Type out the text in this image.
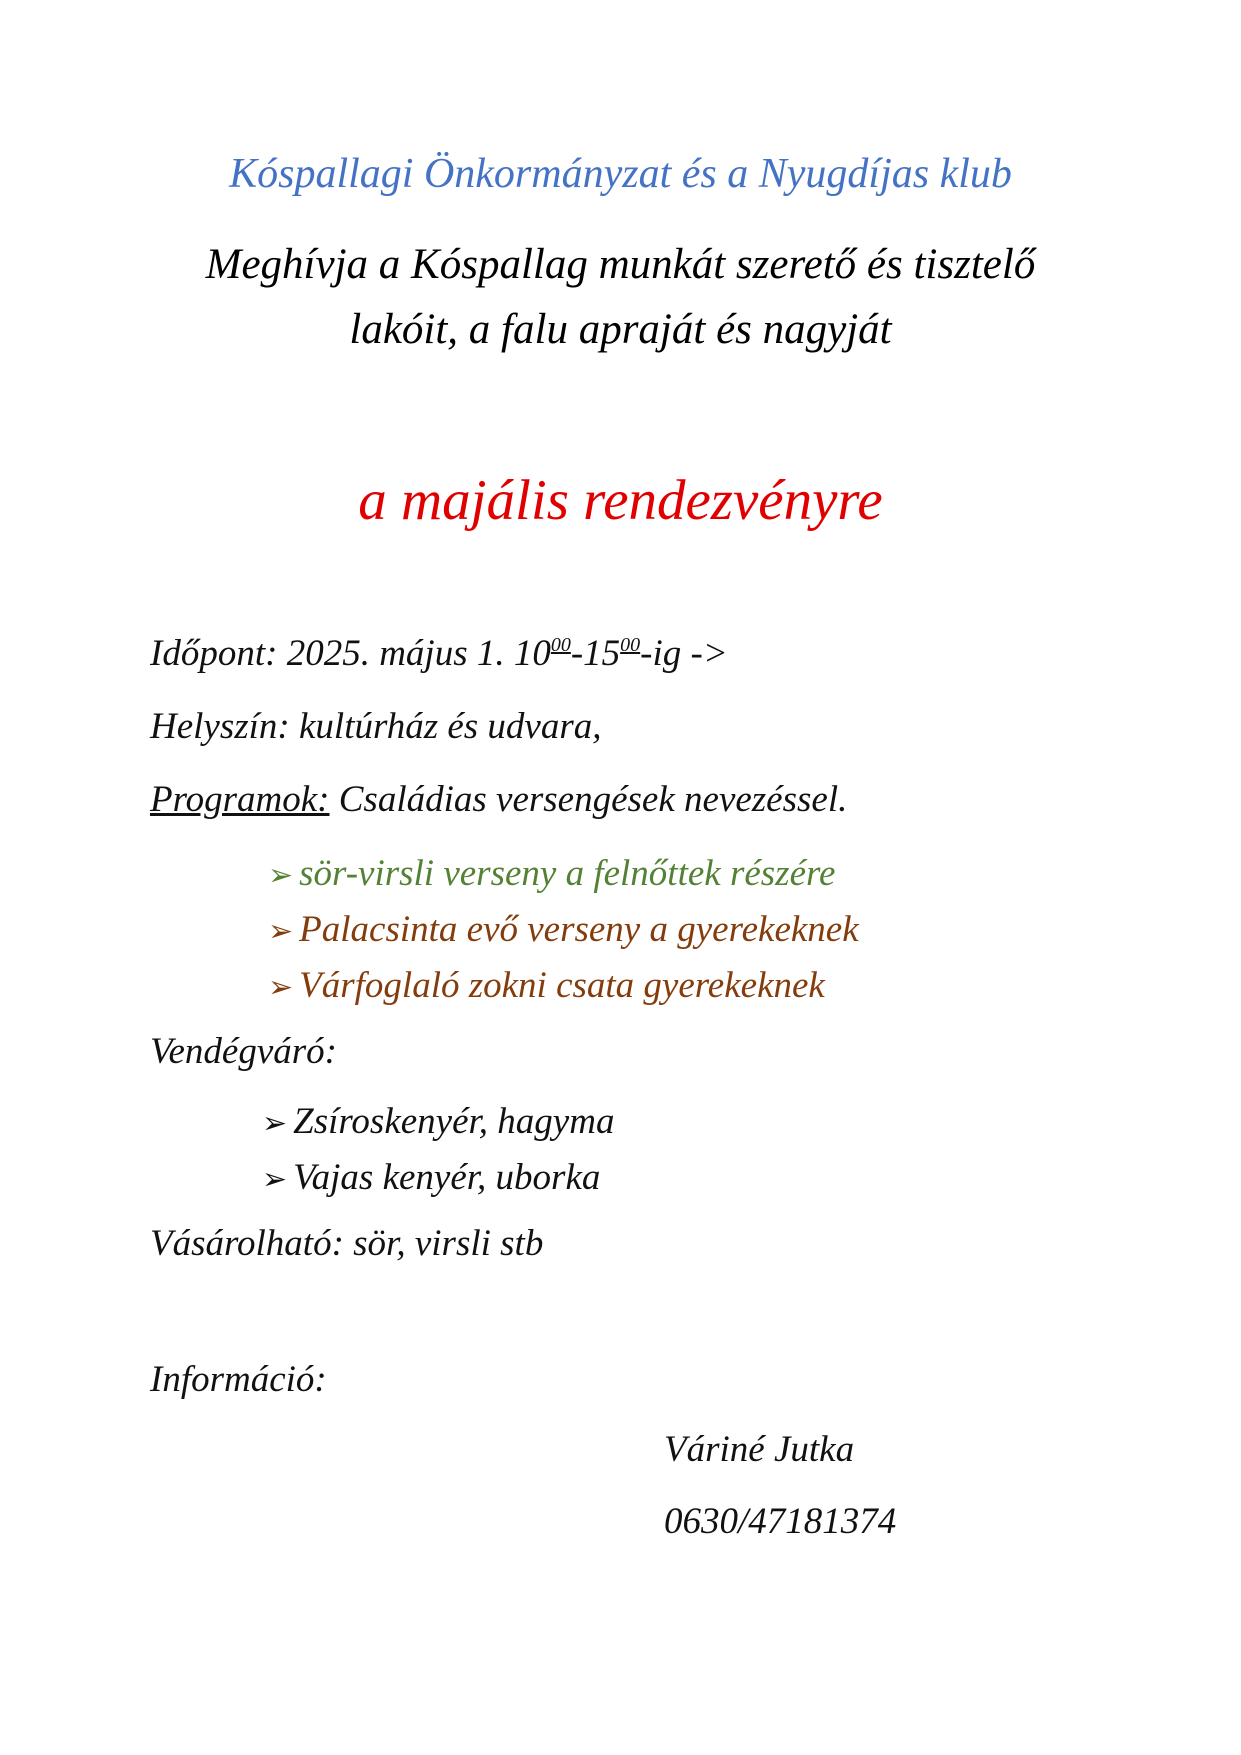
Kóspallagi Önkormányzat és a Nyugdíjas klub
Meghívja a Kóspallag munkát szerető és tisztelő
lakóit, a falu apraját és nagyját
a majális rendezvényre
Időpont: 2025. május 1. $10^{00}-15^{00}-ig$ ->
Helyszín: kultúrház és udvara,
Programok: Családias versengések nevezéssel.
➢ sör-virsli verseny a felnőttek részére
➢ Palacsinta evő verseny a gyerekeknek
➢ Várfoglaló zokni csata gyerekeknek
Vendégváró:
➢ Zsíroskenyér, hagyma
➢ Vajas kenyér, uborka
Vásárolható: sör, virsli stb
Információ:
Váriné Jutka
0630/47181374
